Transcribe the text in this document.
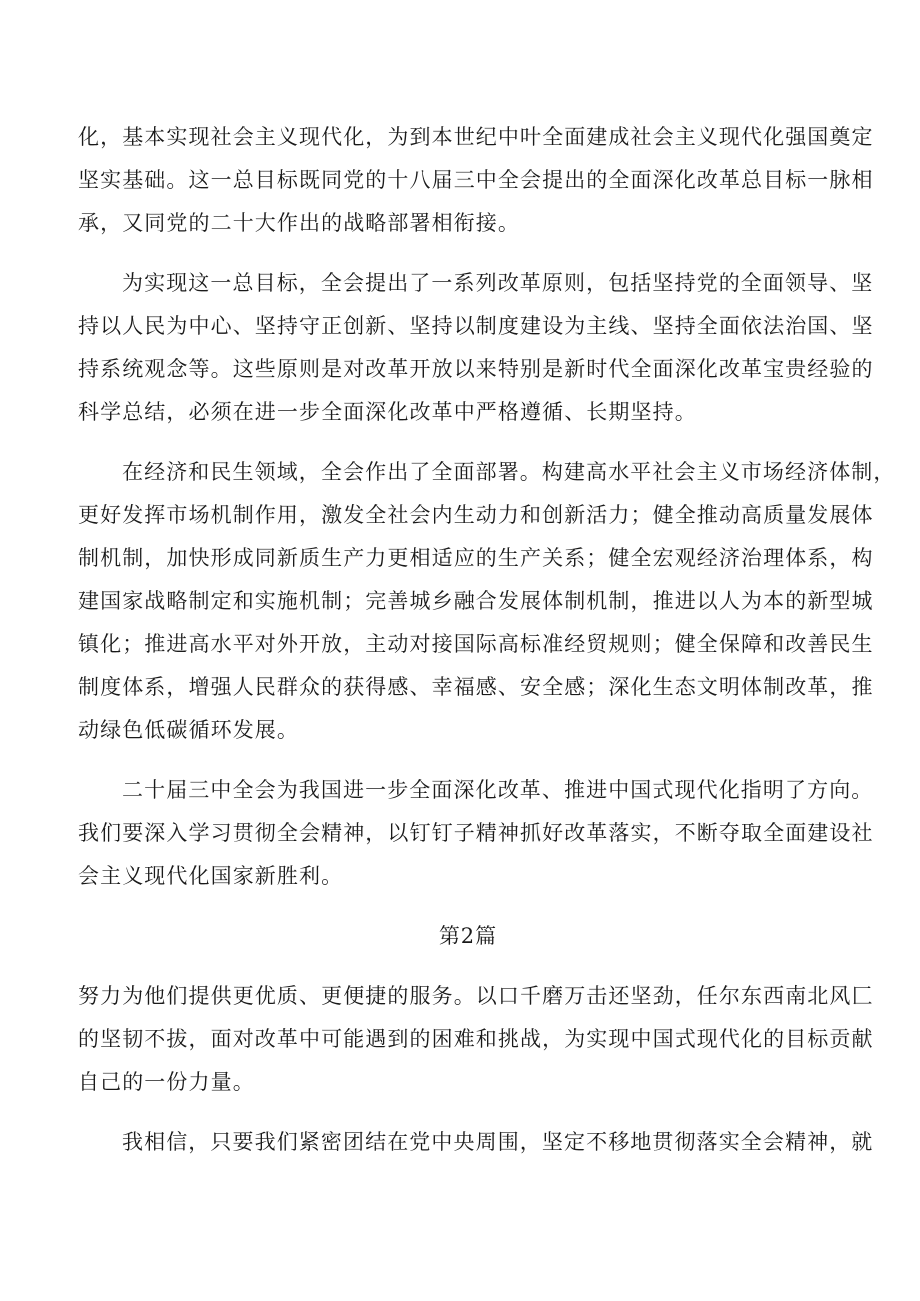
化，基本实现社会主义现代化，为到本世纪中叶全面建成社会主义现代化强国奠定
坚实基础。这一总目标既同党的十八届三中全会提出的全面深化改革总目标一脉相
承，又同党的二十大作出的战略部署相衔接。
为实现这一总目标，全会提出了一系列改革原则，包括坚持党的全面领导、坚
持以人民为中心、坚持守正创新、坚持以制度建设为主线、坚持全面依法治国、坚
持系统观念等。这些原则是对改革开放以来特别是新时代全面深化改革宝贵经验的
科学总结，必须在进一步全面深化改革中严格遵循、长期坚持。
在经济和民生领域，全会作出了全面部署。构建高水平社会主义市场经济体制，
更好发挥市场机制作用，激发全社会内生动力和创新活力；健全推动高质量发展体
制机制，加快形成同新质生产力更相适应的生产关系；健全宏观经济治理体系，构
建国家战略制定和实施机制；完善城乡融合发展体制机制，推进以人为本的新型城
镇化；推进高水平对外开放，主动对接国际高标准经贸规则；健全保障和改善民生
制度体系，增强人民群众的获得感、幸福感、安全感；深化生态文明体制改革，推
动绿色低碳循环发展。
二十届三中全会为我国进一步全面深化改革、推进中国式现代化指明了方向。
我们要深入学习贯彻全会精神，以钉钉子精神抓好改革落实，不断夺取全面建设社
会主义现代化国家新胜利。
第2篇
努力为他们提供更优质、更便捷的服务。以口千磨万击还坚劲，任尔东西南北风匚
的坚韧不拔，面对改革中可能遇到的困难和挑战，为实现中国式现代化的目标贡献
自己的一份力量。
我相信，只要我们紧密团结在党中央周围，坚定不移地贯彻落实全会精神，就
